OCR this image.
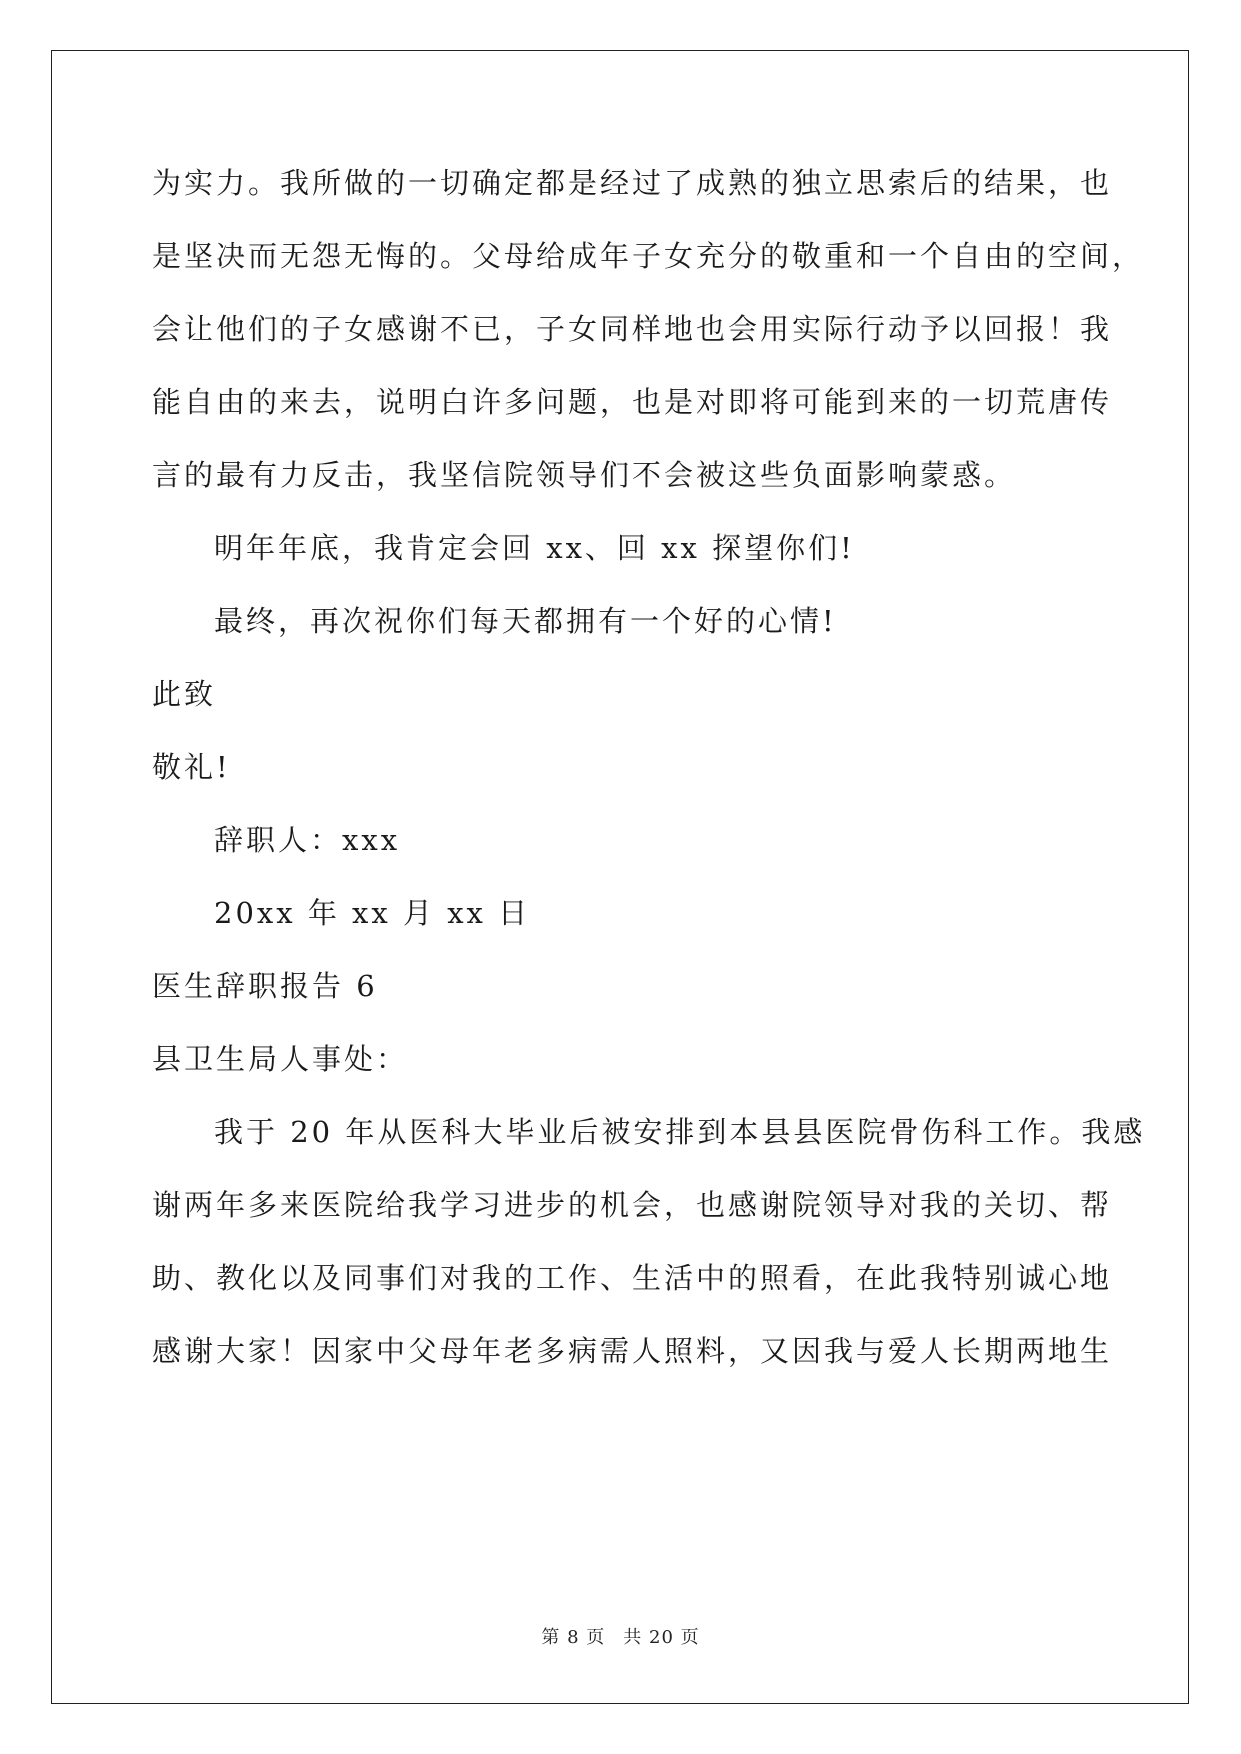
为实力。我所做的一切确定都是经过了成熟的独立思索后的结果，也
是坚决而无怨无悔的。父母给成年子女充分的敬重和一个自由的空间，
会让他们的子女感谢不已，子女同样地也会用实际行动予以回报！我
能自由的来去，说明白许多问题，也是对即将可能到来的一切荒唐传
言的最有力反击，我坚信院领导们不会被这些负面影响蒙惑。
明年年底，我肯定会回 xx、回 xx 探望你们!
最终，再次祝你们每天都拥有一个好的心情!
此致
敬礼!
辞职人：xxx
20xx 年 xx 月 xx 日
医生辞职报告 6
县卫生局人事处：
我于 20 年从医科大毕业后被安排到本县县医院骨伤科工作。我感
谢两年多来医院给我学习进步的机会，也感谢院领导对我的关切、帮
助、教化以及同事们对我的工作、生活中的照看，在此我特别诚心地
感谢大家！因家中父母年老多病需人照料，又因我与爱人长期两地生
第 8 页 共 20 页
